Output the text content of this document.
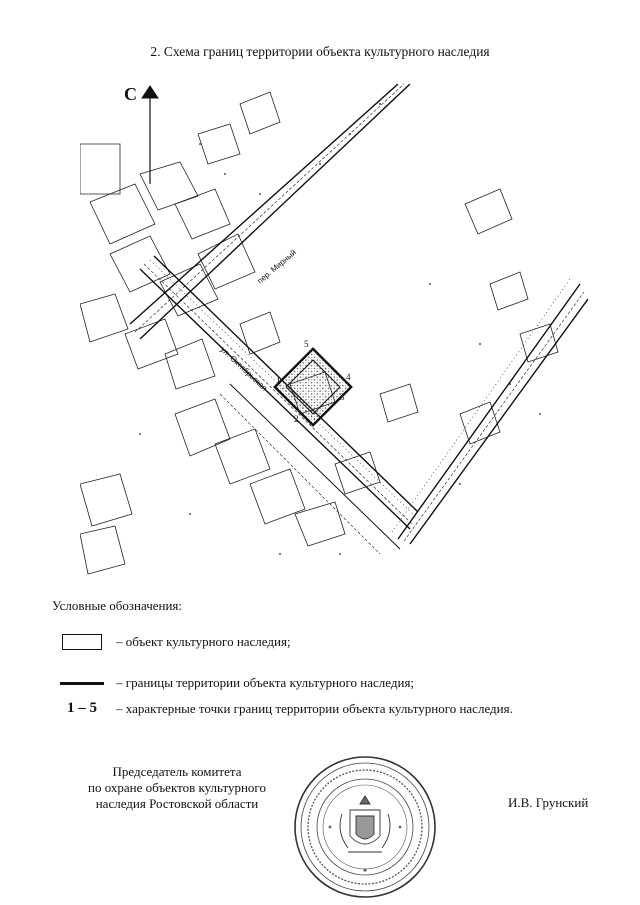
2. Схема границ территории объекта культурного наследия
С
ул. Октябрьская
пер. Мирный
5
4
3
1
2
Условные обозначения:
– объект культурного наследия;
– границы территории объекта культурного наследия;
1 – 5 – характерные точки границ территории объекта культурного наследия.
Председатель комитета
по охране объектов культурного
наследия Ростовской области	И.В. Грунский
